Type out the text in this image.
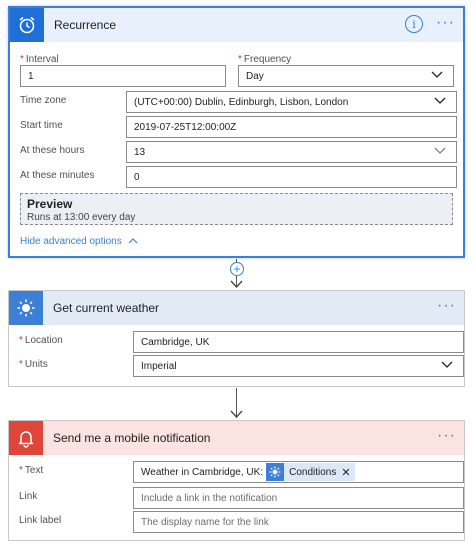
Recurrence	i	···
* Interval	* Frequency
1	Day
Time zone	(UTC+00:00) Dublin, Edinburgh, Lisbon, London
Start time	2019-07-25T12:00:00Z
At these hours	13
At these minutes	0
Preview
Runs at 13:00 every day
Hide advanced options
+
Get current weather	···
* Location	Cambridge, UK
* Units	Imperial
Send me a mobile notification	···
* Text	Weather in Cambridge, UK:	Conditions ✕
Link	Include a link in the notification
Link label	The display name for the link
